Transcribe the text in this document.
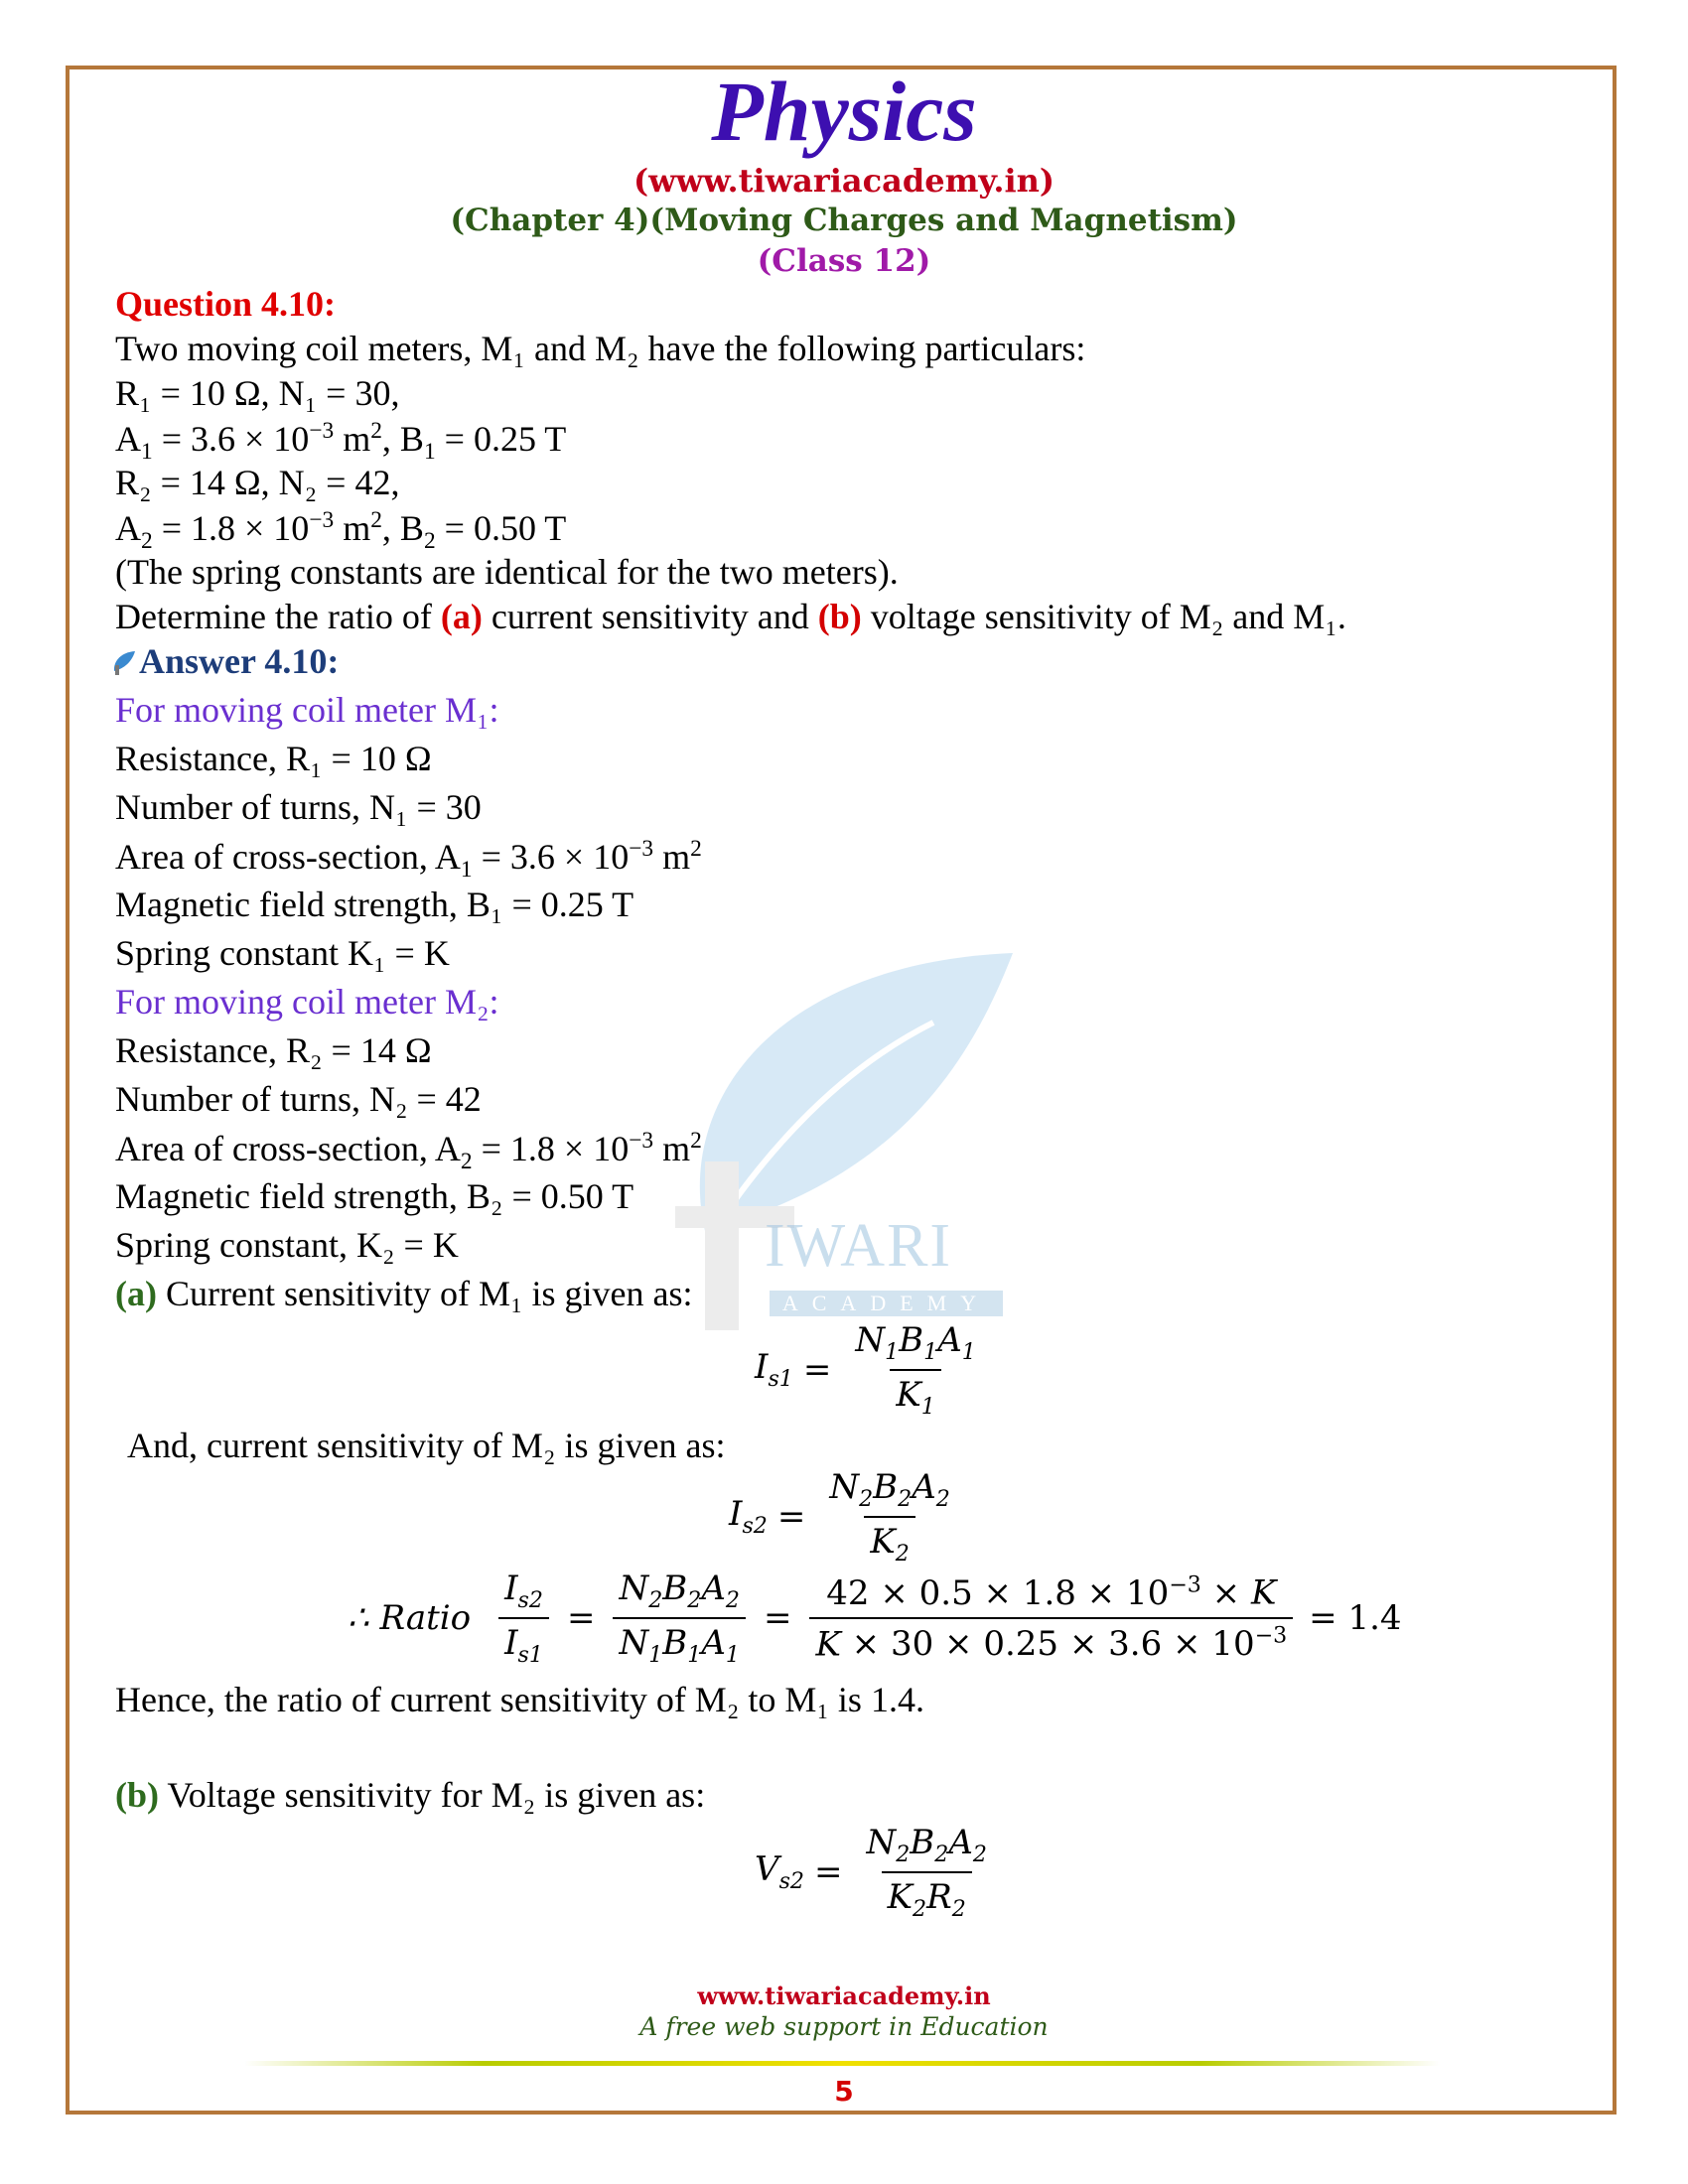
IWARI
ACADEMY
Physics
(www.tiwariacademy.in)
(Chapter 4)(Moving Charges and Magnetism)
(Class 12)
Question 4.10:
Two moving coil meters, M₁ and M₂ have the following particulars:
R₁ = 10 Ω, N₁ = 30,
$A_1 = 3.6 \times 10^{-3}$ $m^2$, $B_1 = 0.25$ T
R₂ = 14 Ω, N₂ = 42,
$A_2 = 1.8 \times 10^{-3}$ $m^2$, $B_2 = 0.50$ T
(The spring constants are identical for the two meters).
Determine the ratio of (a) current sensitivity and (b) voltage sensitivity of M₂ and M₁.
Answer 4.10:
For moving coil meter M₁:
Resistance, R₁ = 10 Ω
Number of turns, N₁ = 30
Area of cross-section, $A_1 = 3.6 \times 10^{-3}$ $m^2$
Magnetic field strength, B₁ = 0.25 T
Spring constant K₁ = K
For moving coil meter M₂:
Resistance, R₂ = 14 Ω
Number of turns, N₂ = 42
Area of cross-section, $A_2 = 1.8 \times 10^{-3}$ $m^2$
Magnetic field strength, B₂ = 0.50 T
Spring constant, K₂ = K
(a) Current sensitivity of M₁ is given as:
$I_{s1} = \frac{N_1B_1A_1}{K_1}$
And, current sensitivity of M₂ is given as:
$I_{s2} = \frac{N_2B_2A_2}{K_2}$
∴ Ratio $\frac{I_{s2}}{I_{s1}} = \frac{N_2B_2A_2}{N_1B_1A_1} = \frac{42 \times 0.5 \times 1.8 \times 10^{-3} \times K}{K \times 30 \times 0.25 \times 3.6 \times 10^{-3}} = 1.4$
Hence, the ratio of current sensitivity of M₂ to M₁ is 1.4.
(b) Voltage sensitivity for M₂ is given as:
$V_{s2} = \frac{N_2B_2A_2}{K_2R_2}$
www.tiwariacademy.in
A free web support in Education
5
